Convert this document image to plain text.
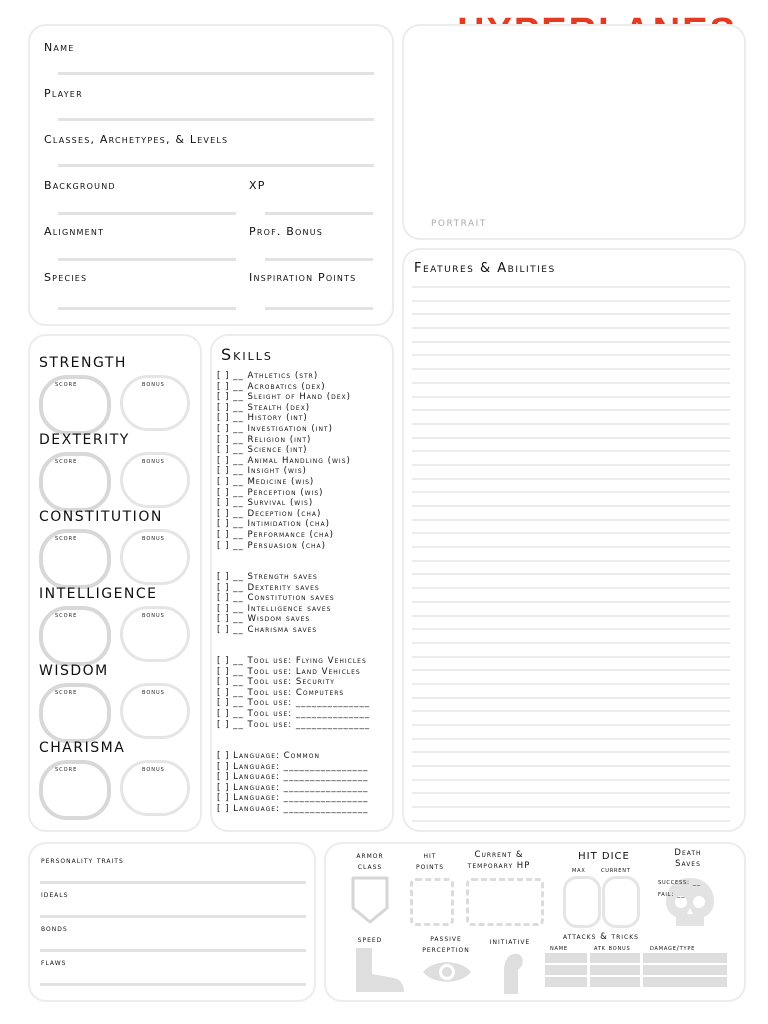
Name
Player
Classes, Archetypes, & Levels
Background	XP
Alignment	Prof. Bonus
Species	Inspiration Points
PORTRAIT
Features & Abilities
STRENGTH
score	bonus
DEXTERITY
score	bonus
CONSTITUTION
score	bonus
INTELLIGENCE
score	bonus
WISDOM
score	bonus
CHARISMA
score	bonus
Skills
[ ] __ Athletics (str)
[ ] __ Acrobatics (dex)
[ ] __ Sleight of Hand (dex)
[ ] __ Stealth (dex)
[ ] __ History (int)
[ ] __ Investigation (int)
[ ] __ Religion (int)
[ ] __ Science (int)
[ ] __ Animal Handling (wis)
[ ] __ Insight (wis)
[ ] __ Medicine (wis)
[ ] __ Perception (wis)
[ ] __ Survival (wis)
[ ] __ Deception (cha)
[ ] __ Intimidation (cha)
[ ] __ Performance (cha)
[ ] __ Persuasion (cha)
[ ] __ Strength saves
[ ] __ Dexterity saves
[ ] __ Constitution saves
[ ] __ Intelligence saves
[ ] __ Wisdom saves
[ ] __ Charisma saves
[ ] __ Tool use: Flying Vehicles
[ ] __ Tool use: Land Vehicles
[ ] __ Tool use: Security
[ ] __ Tool use: Computers
[ ] __ Tool use: ______________
[ ] __ Tool use: ______________
[ ] __ Tool use: ______________
[ ] Language: Common
[ ] Language: ________________
[ ] Language: ________________
[ ] Language: ________________
[ ] Language: ________________
[ ] Language: ________________
personality traits
ideals
bonds
flaws
armor
class
hit
points
Current &
temporary HP
HIT DICE
max current
Death
Saves
success: __
fail: __
speed	passive
perception
initiative	attacks & tricks
name	atk bonus	damage/type
